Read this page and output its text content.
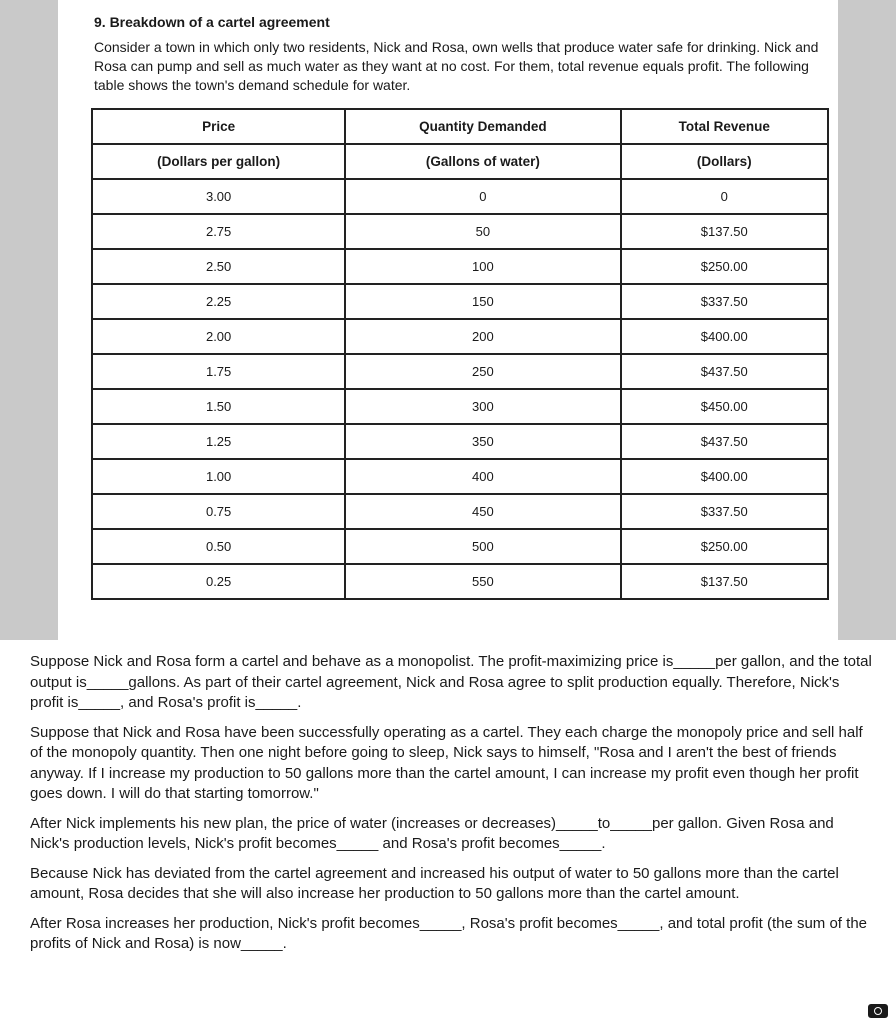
9. Breakdown of a cartel agreement

Consider a town in which only two residents, Nick and Rosa, own wells that produce water safe for drinking. Nick and Rosa can pump and sell as much water as they want at no cost. For them, total revenue equals profit. The following table shows the town's demand schedule for water.

Price	Quantity Demanded	Total Revenue
(Dollars per gallon)	(Gallons of water)	(Dollars)
3.00	0	0
2.75	50	$137.50
2.50	100	$250.00
2.25	150	$337.50
2.00	200	$400.00
1.75	250	$437.50
1.50	300	$450.00
1.25	350	$437.50
1.00	400	$400.00
0.75	450	$337.50
0.50	500	$250.00
0.25	550	$137.50

Suppose Nick and Rosa form a cartel and behave as a monopolist. The profit-maximizing price is_____per gallon, and the total output is_____gallons. As part of their cartel agreement, Nick and Rosa agree to split production equally. Therefore, Nick's profit is_____, and Rosa's profit is_____.

Suppose that Nick and Rosa have been successfully operating as a cartel. They each charge the monopoly price and sell half of the monopoly quantity. Then one night before going to sleep, Nick says to himself, "Rosa and I aren't the best of friends anyway. If I increase my production to 50 gallons more than the cartel amount, I can increase my profit even though her profit goes down. I will do that starting tomorrow."

After Nick implements his new plan, the price of water (increases or decreases)_____to_____per gallon. Given Rosa and Nick's production levels, Nick's profit becomes_____ and Rosa's profit becomes_____.

Because Nick has deviated from the cartel agreement and increased his output of water to 50 gallons more than the cartel amount, Rosa decides that she will also increase her production to 50 gallons more than the cartel amount.

After Rosa increases her production, Nick's profit becomes_____, Rosa's profit becomes_____, and total profit (the sum of the profits of Nick and Rosa) is now_____.
